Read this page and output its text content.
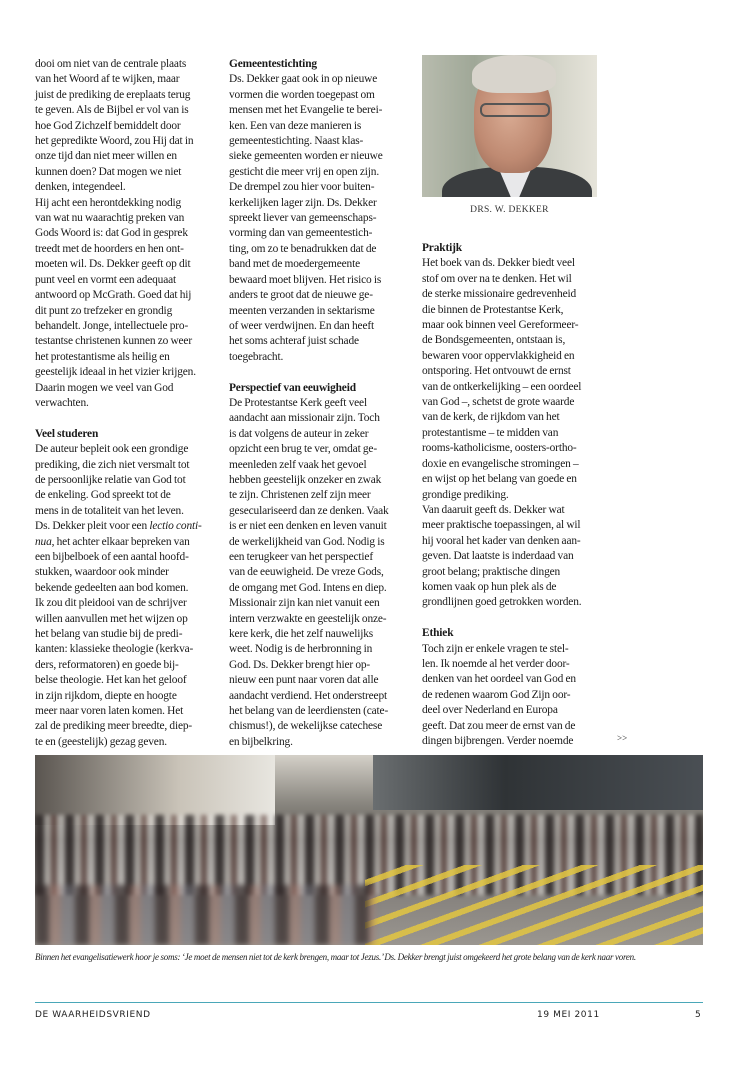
dooi om niet van de centrale plaats
van het Woord af te wijken, maar
juist de prediking de ereplaats terug
te geven. Als de Bijbel er vol van is
hoe God Zichzelf bemiddelt door
het gepredikte Woord, zou Hij dat in
onze tijd dan niet meer willen en
kunnen doen? Dat mogen we niet
denken, integendeel.
Hij acht een herontdekking nodig
van wat nu waarachtig preken van
Gods Woord is: dat God in gesprek
treedt met de hoorders en hen ont-
moeten wil. Ds. Dekker geeft op dit
punt veel en vormt een adequaat
antwoord op McGrath. Goed dat hij
dit punt zo trefzeker en grondig
behandelt. Jonge, intellectuele pro-
testantse christenen kunnen zo weer
het protestantisme als heilig en
geestelijk ideaal in het vizier krijgen.
Daarin mogen we veel van God
verwachten.
Veel studeren
De auteur bepleit ook een grondige
prediking, die zich niet versmalt tot
de persoonlijke relatie van God tot
de enkeling. God spreekt tot de
mens in de totaliteit van het leven.
Ds. Dekker pleit voor een lectio conti-
nua, het achter elkaar bepreken van
een bijbelboek of een aantal hoofd-
stukken, waardoor ook minder
bekende gedeelten aan bod komen.
Ik zou dit pleidooi van de schrijver
willen aanvullen met het wijzen op
het belang van studie bij de predi-
kanten: klassieke theologie (kerkva-
ders, reformatoren) en goede bij-
belse theologie. Het kan het geloof
in zijn rijkdom, diepte en hoogte
meer naar voren laten komen. Het
zal de prediking meer breedte, diep-
te en (geestelijk) gezag geven.
Gemeentestichting
Ds. Dekker gaat ook in op nieuwe
vormen die worden toegepast om
mensen met het Evangelie te berei-
ken. Een van deze manieren is
gemeentestichting. Naast klas-
sieke gemeenten worden er nieuwe
gesticht die meer vrij en open zijn.
De drempel zou hier voor buiten-
kerkelijken lager zijn. Ds. Dekker
spreekt liever van gemeenschaps-
vorming dan van gemeentestich-
ting, om zo te benadrukken dat de
band met de moedergemeente
bewaard moet blijven. Het risico is
anders te groot dat de nieuwe ge-
meenten verzanden in sektarisme
of weer verdwijnen. En dan heeft
het soms achteraf juist schade
toegebracht.
Perspectief van eeuwigheid
De Protestantse Kerk geeft veel
aandacht aan missionair zijn. Toch
is dat volgens de auteur in zeker
opzicht een brug te ver, omdat ge-
meenleden zelf vaak het gevoel
hebben geestelijk onzeker en zwak
te zijn. Christenen zelf zijn meer
geseculariseerd dan ze denken. Vaak
is er niet een denken en leven vanuit
de werkelijkheid van God. Nodig is
een terugkeer van het perspectief
van de eeuwigheid. De vreze Gods,
de omgang met God. Intens en diep.
Missionair zijn kan niet vanuit een
intern verzwakte en geestelijk onze-
kere kerk, die het zelf nauwelijks
weet. Nodig is de herbronning in
God. Ds. Dekker brengt hier op-
nieuw een punt naar voren dat alle
aandacht verdiend. Het onderstreept
het belang van de leerdiensten (cate-
chismus!), de wekelijkse catechese
en bijbelkring.
DRS. W. DEKKER
Praktijk
Het boek van ds. Dekker biedt veel
stof om over na te denken. Het wil
de sterke missionaire gedrevenheid
die binnen de Protestantse Kerk,
maar ook binnen veel Gereformeer-
de Bondsgemeenten, ontstaan is,
bewaren voor oppervlakkigheid en
ontsporing. Het ontvouwt de ernst
van de ontkerkelijking – een oordeel
van God –, schetst de grote waarde
van de kerk, de rijkdom van het
protestantisme – te midden van
rooms-katholicisme, oosters-ortho-
doxie en evangelische stromingen –
en wijst op het belang van goede en
grondige prediking.
Van daaruit geeft ds. Dekker wat
meer praktische toepassingen, al wil
hij vooral het kader van denken aan-
geven. Dat laatste is inderdaad van
groot belang; praktische dingen
komen vaak op hun plek als de
grondlijnen goed getrokken worden.
Ethiek
Toch zijn er enkele vragen te stel-
len. Ik noemde al het verder door-
denken van het oordeel van God en
de redenen waarom God Zijn oor-
deel over Nederland en Europa
geeft. Dat zou meer de ernst van de
dingen bijbrengen. Verder noemde	>>
Binnen het evangelisatiewerk hoor je soms: ‘Je moet de mensen niet tot de kerk brengen, maar tot Jezus.’ Ds. Dekker brengt juist omgekeerd het grote belang van de kerk naar voren.
DE WAARHEIDSVRIEND	19 MEI 2011	5
